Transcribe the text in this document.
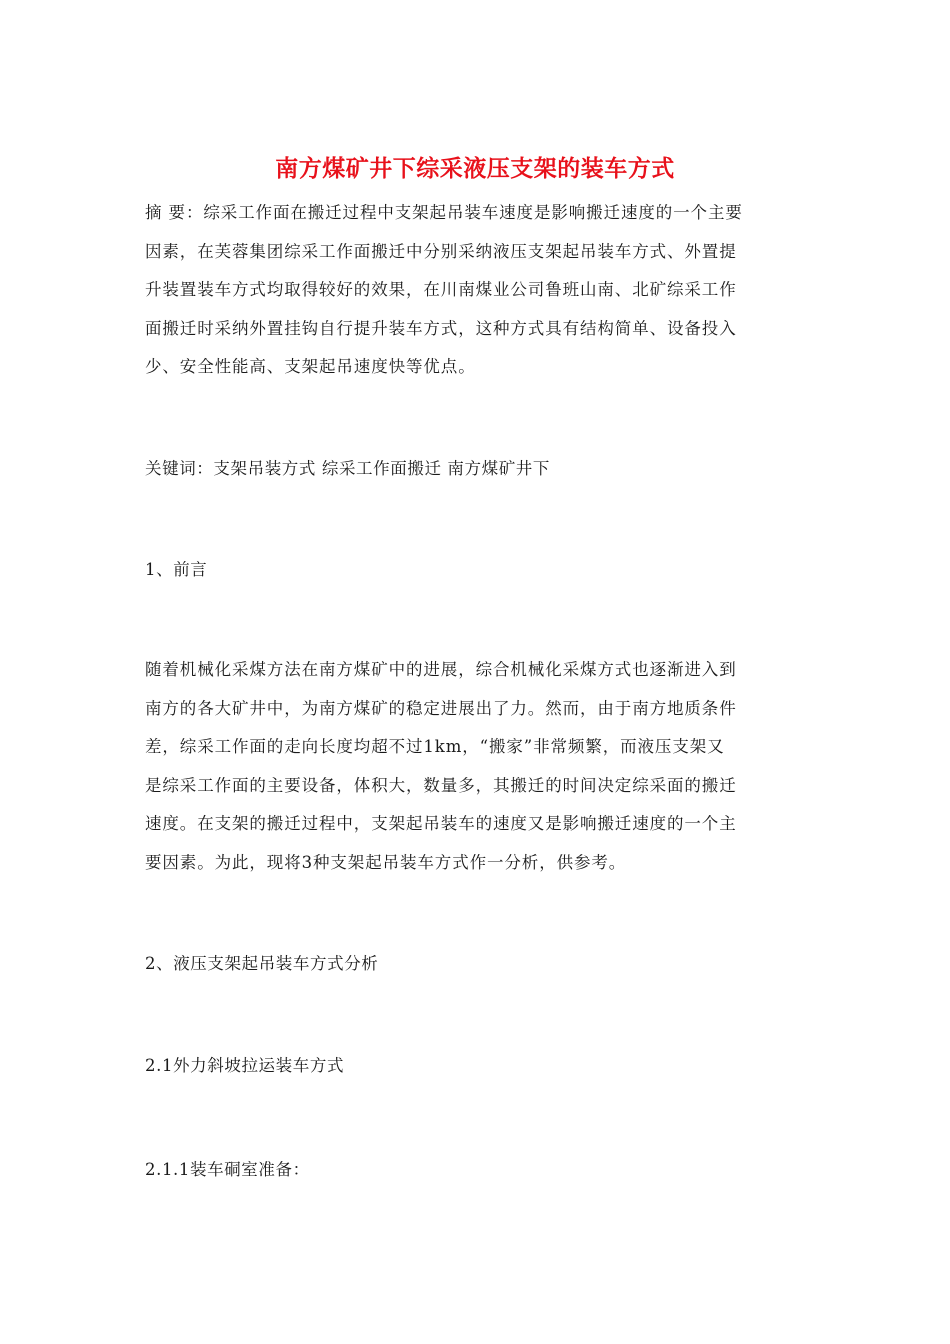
南方煤矿井下综采液压支架的装车方式
摘 要：综采工作面在搬迁过程中支架起吊装车速度是影响搬迁速度的一个主要
因素，在芙蓉集团综采工作面搬迁中分别采纳液压支架起吊装车方式、外置提
升装置装车方式均取得较好的效果，在川南煤业公司鲁班山南、北矿综采工作
面搬迁时采纳外置挂钩自行提升装车方式，这种方式具有结构简单、设备投入
少、安全性能高、支架起吊速度快等优点。
关键词：支架吊装方式 综采工作面搬迁 南方煤矿井下
1、前言
随着机械化采煤方法在南方煤矿中的进展，综合机械化采煤方式也逐渐进入到
南方的各大矿井中，为南方煤矿的稳定进展出了力。然而，由于南方地质条件
差，综采工作面的走向长度均超不过1km，“搬家”非常频繁，而液压支架又
是综采工作面的主要设备，体积大，数量多，其搬迁的时间决定综采面的搬迁
速度。在支架的搬迁过程中，支架起吊装车的速度又是影响搬迁速度的一个主
要因素。为此，现将3种支架起吊装车方式作一分析，供参考。
2、液压支架起吊装车方式分析
2.1外力斜坡拉运装车方式
2.1.1装车硐室准备：
